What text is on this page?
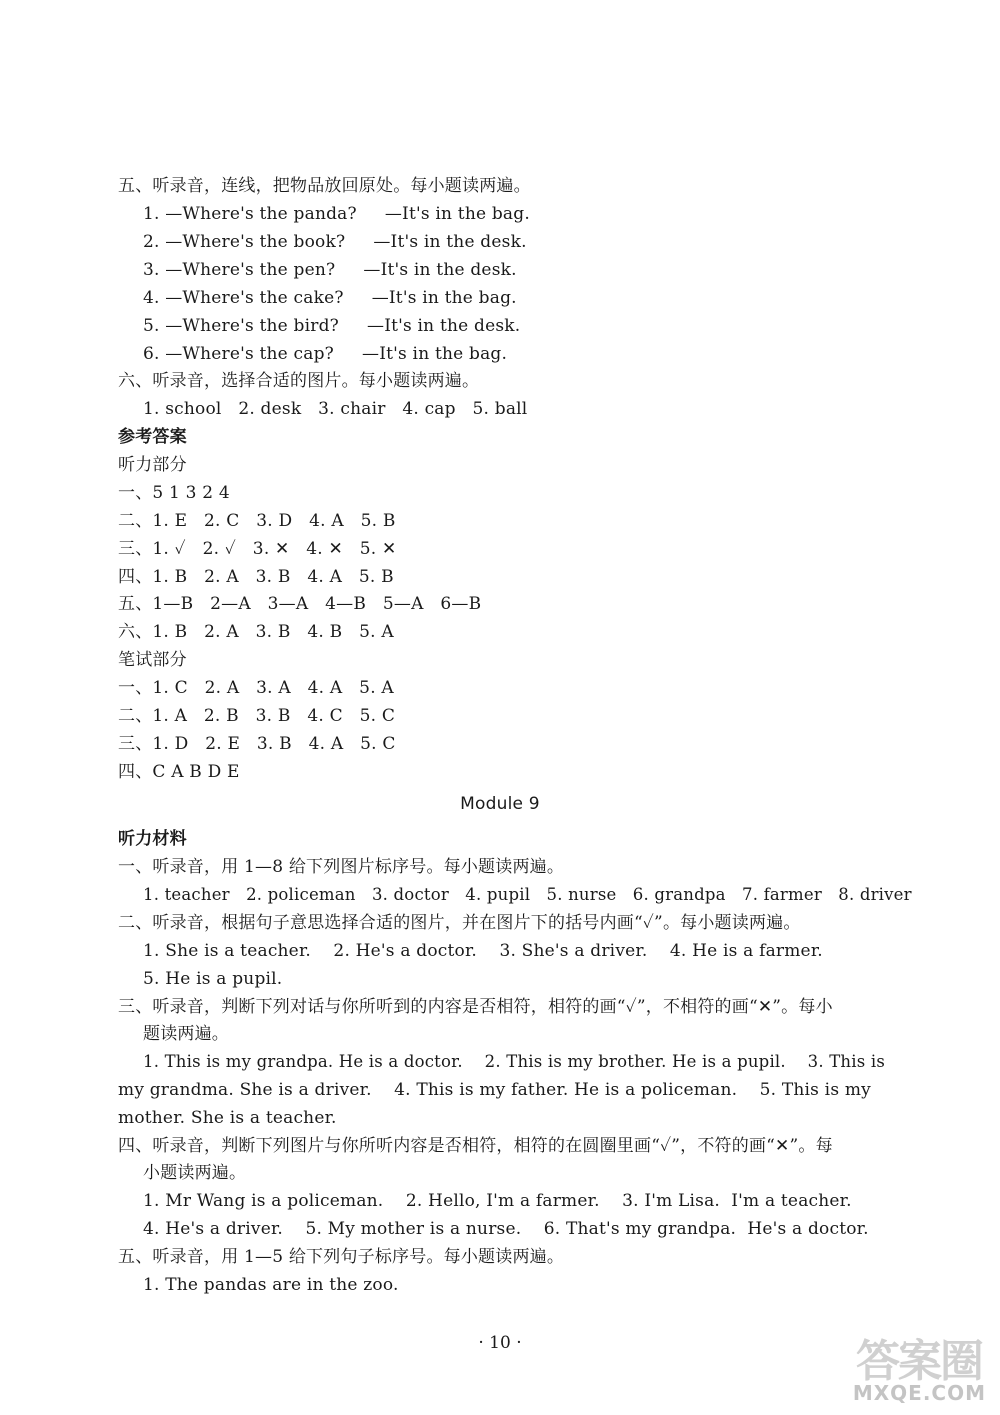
五、听录音，连线，把物品放回原处。每小题读两遍。
1. —Where's the panda?     —It's in the bag.
2. —Where's the book?     —It's in the desk.
3. —Where's the pen?     —It's in the desk.
4. —Where's the cake?     —It's in the bag.
5. —Where's the bird?     —It's in the desk.
6. —Where's the cap?     —It's in the bag.
六、听录音，选择合适的图片。每小题读两遍。
1. school   2. desk   3. chair   4. cap   5. ball
参考答案
听力部分
一、5 1 3 2 4
二、1. E   2. C   3. D   4. A   5. B
三、1. ✓   2. ✓   3. ✕   4. ✕   5. ✕
四、1. B   2. A   3. B   4. A   5. B
五、1—B   2—A   3—A   4—B   5—A   6—B
六、1. B   2. A   3. B   4. B   5. A
笔试部分
一、1. C   2. A   3. A   4. A   5. A
二、1. A   2. B   3. B   4. C   5. C
三、1. D   2. E   3. B   4. A   5. C
四、C A B D E
Module 9
听力材料
一、听录音，用 1—8 给下列图片标序号。每小题读两遍。
1. teacher   2. policeman   3. doctor   4. pupil   5. nurse   6. grandpa   7. farmer   8. driver
二、听录音，根据句子意思选择合适的图片，并在图片下的括号内画“✓”。每小题读两遍。
1. She is a teacher.    2. He's a doctor.    3. She's a driver.    4. He is a farmer.
5. He is a pupil.
三、听录音，判断下列对话与你所听到的内容是否相符，相符的画“✓”，不相符的画“✕”。每小
题读两遍。
1. This is my grandpa. He is a doctor.    2. This is my brother. He is a pupil.    3. This is
my grandma. She is a driver.    4. This is my father. He is a policeman.    5. This is my
mother. She is a teacher.
四、听录音，判断下列图片与你所听内容是否相符，相符的在圆圈里画“✓”，不符的画“✕”。每
小题读两遍。
1. Mr Wang is a policeman.    2. Hello, I'm a farmer.    3. I'm Lisa.  I'm a teacher.
4. He's a driver.    5. My mother is a nurse.    6. That's my grandpa.  He's a doctor.
五、听录音，用 1—5 给下列句子标序号。每小题读两遍。
1. The pandas are in the zoo.
· 10 ·	答案圈
MXQE.COM
